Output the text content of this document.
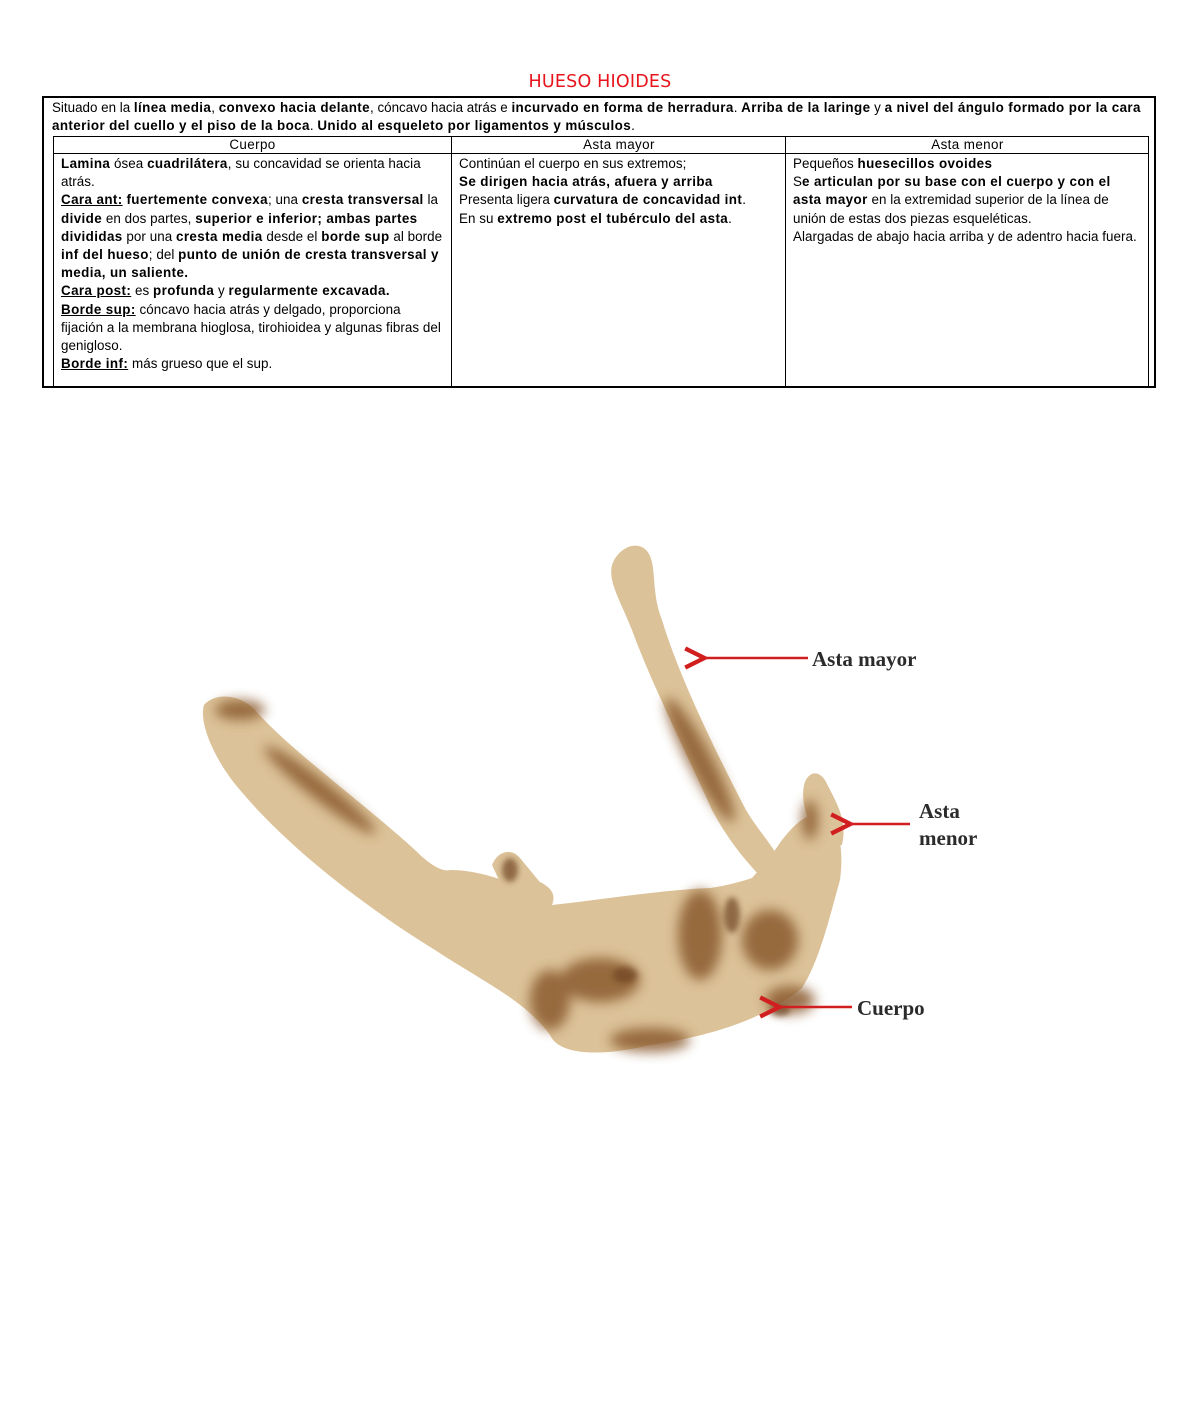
HUESO HIOIDES
Situado en la línea media, convexo hacia delante, cóncavo hacia atrás e incurvado en forma de herradura. Arriba de la laringe y a nivel del ángulo formado por la cara anterior del cuello y el piso de la boca. Unido al esqueleto por ligamentos y músculos.
Cuerpo
Lamina ósea cuadrilátera, su concavidad se orienta hacia atrás.
Cara ant: fuertemente convexa; una cresta transversal la divide en dos partes, superior e inferior; ambas partes divididas por una cresta media desde el borde sup al borde inf del hueso; del punto de unión de cresta transversal y media, un saliente.
Cara post: es profunda y regularmente excavada.
Borde sup: cóncavo hacia atrás y delgado, proporciona fijación a la membrana hioglosa, tirohioidea y algunas fibras del genigloso.
Borde inf: más grueso que el sup.
Asta mayor
Continúan el cuerpo en sus extremos;
Se dirigen hacia atrás, afuera y arriba
Presenta ligera curvatura de concavidad int.
En su extremo post el tubérculo del asta.
Asta menor
Pequeños huesecillos ovoides
Se articulan por su base con el cuerpo y con el asta mayor en la extremidad superior de la línea de unión de estas dos piezas esqueléticas.
Alargadas de abajo hacia arriba y de adentro hacia fuera.
Asta mayor
Asta
menor
Cuerpo
